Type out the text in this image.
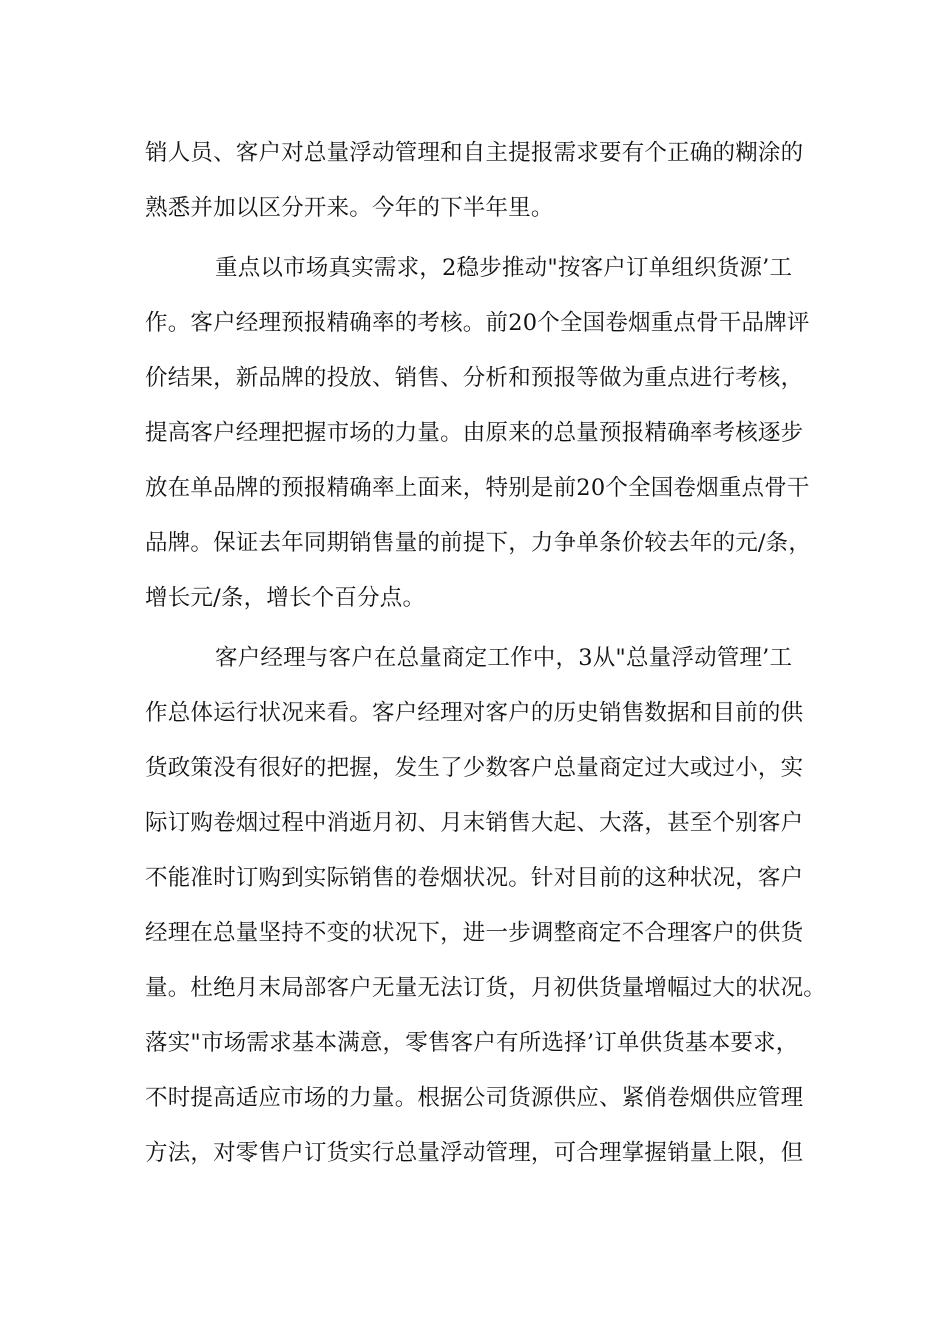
销人员、客户对总量浮动管理和自主提报需求要有个正确的糊涂的
熟悉并加以区分开来。今年的下半年里。
重点以市场真实需求，2稳步推动"按客户订单组织货源’工
作。客户经理预报精确率的考核。前20个全国卷烟重点骨干品牌评
价结果，新品牌的投放、销售、分析和预报等做为重点进行考核，
提高客户经理把握市场的力量。由原来的总量预报精确率考核逐步
放在单品牌的预报精确率上面来，特别是前20个全国卷烟重点骨干
品牌。保证去年同期销售量的前提下，力争单条价较去年的元/条，
增长元/条，增长个百分点。
客户经理与客户在总量商定工作中，3从"总量浮动管理’工
作总体运行状况来看。客户经理对客户的历史销售数据和目前的供
货政策没有很好的把握，发生了少数客户总量商定过大或过小，实
际订购卷烟过程中消逝月初、月末销售大起、大落，甚至个别客户
不能准时订购到实际销售的卷烟状况。针对目前的这种状况，客户
经理在总量坚持不变的状况下，进一步调整商定不合理客户的供货
量。杜绝月末局部客户无量无法订货，月初供货量增幅过大的状况。
落实"市场需求基本满意，零售客户有所选择’订单供货基本要求，
不时提高适应市场的力量。根据公司货源供应、紧俏卷烟供应管理
方法，对零售户订货实行总量浮动管理，可合理掌握销量上限，但
